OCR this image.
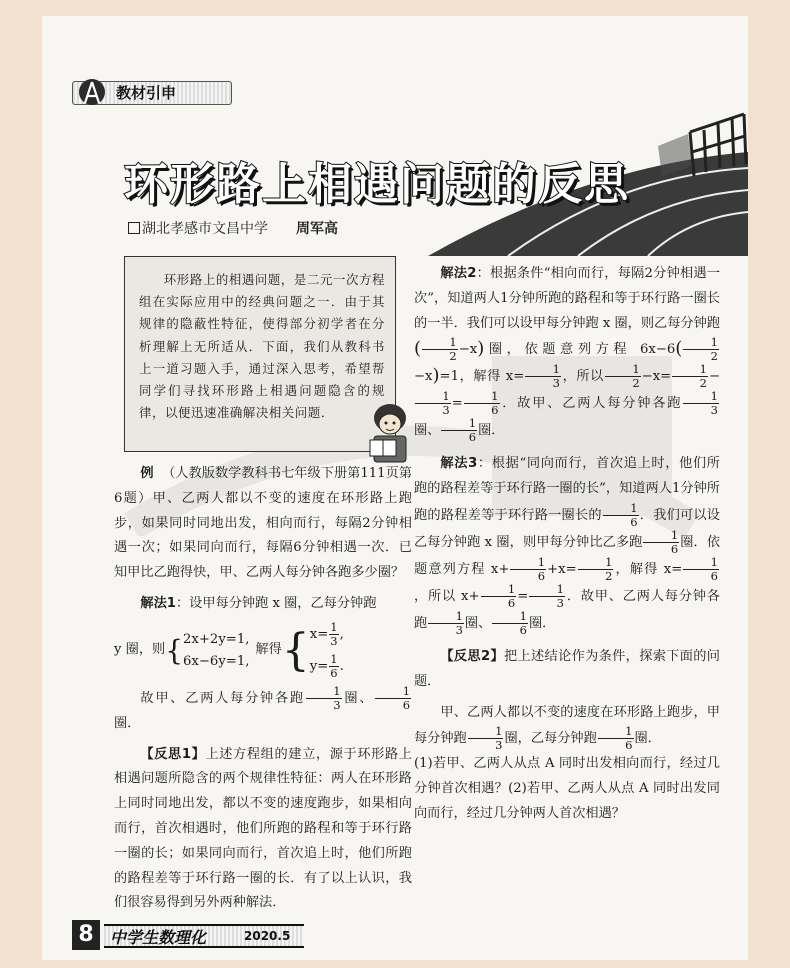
教材引申
环形路上相遇问题的反思
湖北孝感市文昌中学 周军高

环形路上的相遇问题，是二元一次方程组在实际应用中的经典问题之一．由于其规律的隐蔽性特征，使得部分初学者在分析理解上无所适从．下面，我们从教科书上一道习题入手，通过深入思考，希望帮同学们寻找环形路上相遇问题隐含的规律，以便迅速准确解决相关问题．

例 （人教版数学教科书七年级下册第111页第6题）甲、乙两人都以不变的速度在环形路上跑步，如果同时同地出发，相向而行，每隔2分钟相遇一次；如果同向而行，每隔6分钟相遇一次．已知甲比乙跑得快，甲、乙两人每分钟各跑多少圈？

解法1：设甲每分钟跑 x 圈，乙每分钟跑

y 圈，则 { 2x+2y=1,
6x−6y=1,
解得 { $x= \frac{1}{3}$ ,
$y= \frac{1}{6}$ .

故甲、乙两人每分钟各跑 $\frac{1}{3}$ 圈、 $\frac{1}{6}$
圈．

【反思1】上述方程组的建立，源于环形路上相遇问题所隐含的两个规律性特征：两人在环形路上同时同地出发，都以不变的速度跑步，如果相向而行，首次相遇时，他们所跑的路程和等于环行路一圈的长；如果同向而行，首次追上时，他们所跑的路程差等于环行路一圈的长．有了以上认识，我们很容易得到另外两种解法．

解法2：根据条件“相向而行，每隔2分钟相遇一次”，知道两人1分钟所跑的路程和等于环行路一圈长的一半．我们可以设甲每分钟跑 x 圈，则乙每分钟跑( $\frac{1}{2} -x$)圈，依题意列方程 $6x-6( \frac{1}{2}$
−x)=1，解得 $x= \frac{1}{3}$ ，所以 $\frac{1}{2} -x= \frac{1}{2}$ −
$\frac{1}{3} = \frac{1}{6}$ ．故甲、乙两人每分钟各跑 $\frac{1}{3}$
圈、 $\frac{1}{6}$ 圈．

解法3：根据“同向而行，首次追上时，他们所跑的路程差等于环行路一圈的长”，知道两人1分钟所跑的路程差等于环行路一圈长的 $\frac{1}{6}$ ．我们可以设乙每分钟跑 x 圈，则甲每分钟比乙多跑 $\frac{1}{6}$ 圈．依题意列方程 $x+ \frac{1}{6} +x= \frac{1}{2}$ ，解得 $x= \frac{1}{6}$
，所以 $x+ \frac{1}{6} = \frac{1}{3}$ ．故甲、乙两人每分钟各跑 $\frac{1}{3}$ 圈、 $\frac{1}{6}$ 圈．

【反思2】把上述结论作为条件，探索下面的问题．

甲、乙两人都以不变的速度在环形路上跑步，甲每分钟跑 $\frac{1}{3}$ 圈，乙每分钟跑 $\frac{1}{6}$ 圈．

(1)若甲、乙两人从点 A 同时出发相向而行，经过几分钟首次相遇？(2)若甲、乙两人从点 A 同时出发同向而行，经过几分钟两人首次相遇？

8	中学生数理化	2020.5
